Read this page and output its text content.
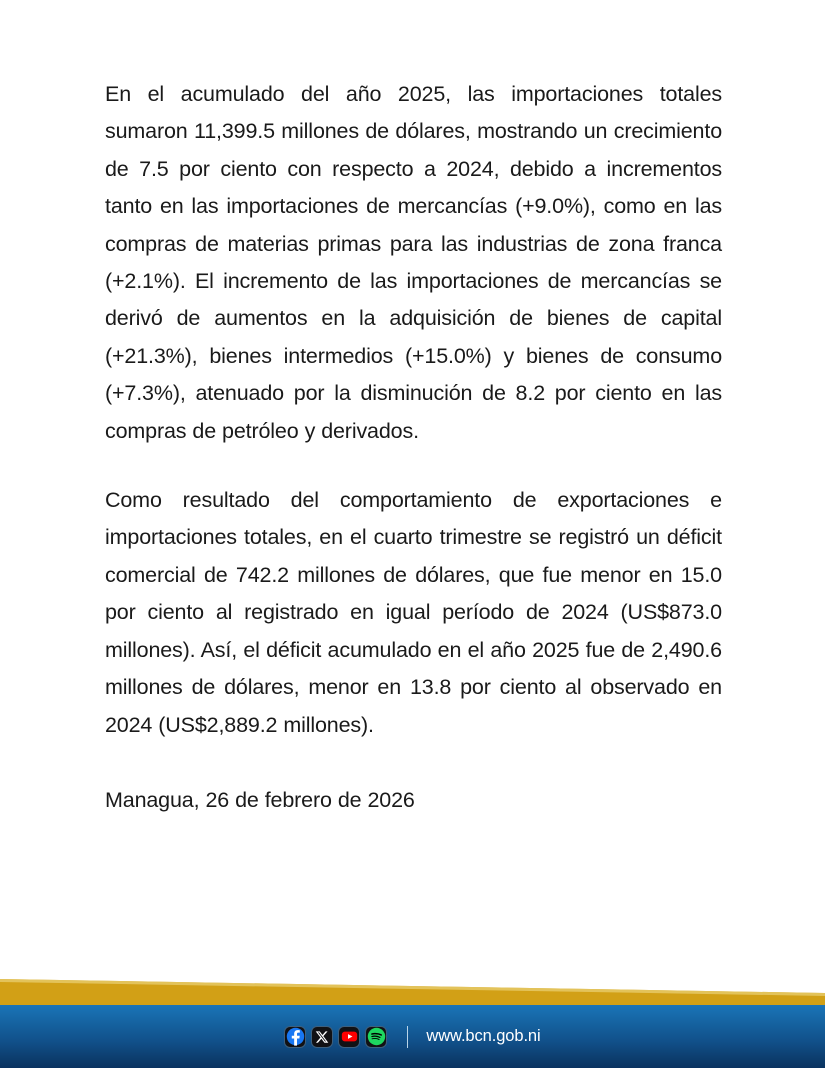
En el acumulado del año 2025, las importaciones totales sumaron 11,399.5 millones de dólares, mostrando un crecimiento de 7.5 por ciento con respecto a 2024, debido a incrementos tanto en las importaciones de mercancías (+9.0%), como en las compras de materias primas para las industrias de zona franca (+2.1%). El incremento de las importaciones de mercancías se derivó de aumentos en la adquisición de bienes de capital (+21.3%), bienes intermedios (+15.0%) y bienes de consumo (+7.3%), atenuado por la disminución de 8.2 por ciento en las compras de petróleo y derivados.

Como resultado del comportamiento de exportaciones e importaciones totales, en el cuarto trimestre se registró un déficit comercial de 742.2 millones de dólares, que fue menor en 15.0 por ciento al registrado en igual período de 2024 (US$873.0 millones). Así, el déficit acumulado en el año 2025 fue de 2,490.6 millones de dólares, menor en 13.8 por ciento al observado en 2024 (US$2,889.2 millones).

Managua, 26 de febrero de 2026

www.bcn.gob.ni
